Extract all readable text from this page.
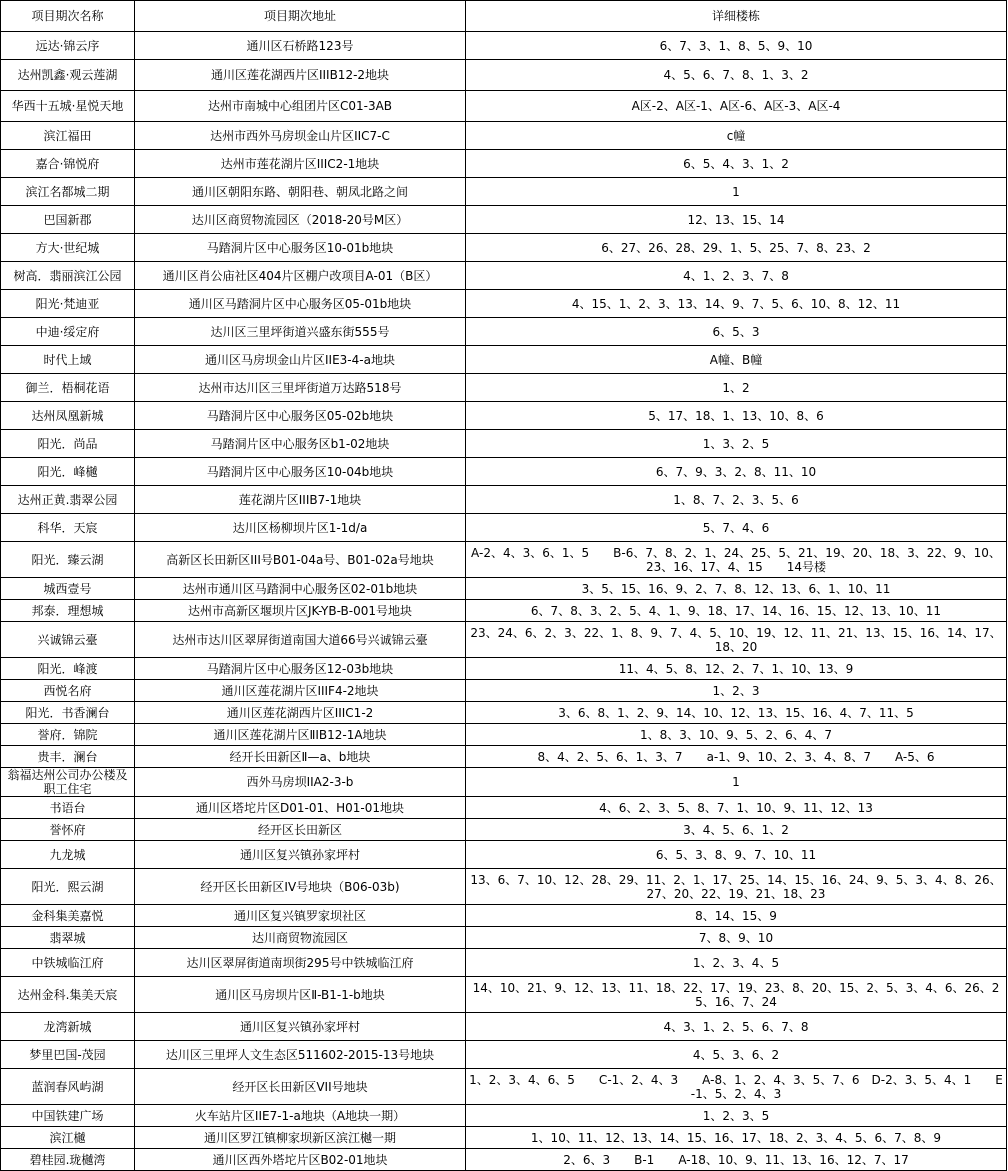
项目期次名称	项目期次地址	详细楼栋
远达·锦云序	通川区石桥路123号	6、7、3、1、8、5、9、10
达州凯鑫·观云莲湖	通川区莲花湖西片区IIIB12-2地块	4、5、6、7、8、1、3、2
华西十五城·星悦天地	达州市南城中心组团片区C01-3AB	A区-2、A区-1、A区-6、A区-3、A区-4
滨江福田	达州市西外马房坝金山片区IIC7-C	c幢
嘉合·锦悦府	达州市莲花湖片区IIIC2-1地块	6、5、4、3、1、2
滨江名都城二期	通川区朝阳东路、朝阳巷、朝凤北路之间	1
巴国新郡	达川区商贸物流园区（2018-20号M区）	12、13、15、14
方大·世纪城	马踏洞片区中心服务区10-01b地块	6、27、26、28、29、1、5、25、7、8、23、2
树高．翡丽滨江公园	通川区肖公庙社区404片区棚户改项目A-01（B区）	4、1、2、3、7、8
阳光·梵迪亚	通川区马踏洞片区中心服务区05-01b地块	4、15、1、2、3、13、14、9、7、5、6、10、8、12、11
中迪·绥定府	达川区三里坪街道兴盛东街555号	6、5、3
时代上域	通川区马房坝金山片区IIE3-4-a地块	A幢、B幢
御兰．梧桐花语	达州市达川区三里坪街道万达路518号	1、2
达州凤凰新城	马踏洞片区中心服务区05-02b地块	5、17、18、1、13、10、8、6
阳光．尚品	马踏洞片区中心服务区b1-02地块	1、3、2、5
阳光．峰樾	马踏洞片区中心服务区10-04b地块	6、7、9、3、2、8、11、10
达州正黄.翡翠公园	莲花湖片区IIIB7-1地块	1、8、7、2、3、5、6
科华．天宸	达川区杨柳坝片区1-1d/a	5、7、4、6
阳光．臻云湖	高新区长田新区III号B01-04a号、B01-02a号地块	A-2、4、3、6、1、5　　B-6、7、8、2、1、24、25、5、21、19、20、18、3、22、9、10、23、16、17、4、15　　14号楼
城西壹号	达州市通川区马踏洞中心服务区02-01b地块	3、5、15、16、9、2、7、8、12、13、6、1、10、11
邦泰．理想城	达州市高新区堰坝片区JK-YB-B-001号地块	6、7、8、3、2、5、4、1、9、18、17、14、16、15、12、13、10、11
兴诚锦云臺	达州市达川区翠屏街道南国大道66号兴诚锦云臺	23、24、6、2、3、22、1、8、9、7、4、5、10、19、12、11、21、13、15、16、14、17、18、20
阳光．峰渡	马踏洞片区中心服务区12-03b地块	11、4、5、8、12、2、7、1、10、13、9
西悦名府	通川区莲花湖片区IIIF4-2地块	1、2、3
阳光．书香澜台	通川区莲花湖西片区IIIC1-2	3、6、8、1、2、9、14、10、12、13、15、16、4、7、11、5
誉府．锦院	通川区莲花湖片区ⅡIB12-1A地块	1、8、3、10、9、5、2、6、4、7
贵丰．澜台	经开长田新区Ⅱ—a、b地块	8、4、2、5、6、1、3、7　　a-1、9、10、2、3、4、8、7　　A-5、6
翁福达州公司办公楼及职工住宅	西外马房坝IIA2-3-b	1
书语台	通川区塔坨片区D01-01、H01-01地块	4、6、2、3、5、8、7、1、10、9、11、12、13
誉怀府	经开区长田新区	3、4、5、6、1、2
九龙城	通川区复兴镇孙家坪村	6、5、3、8、9、7、10、11
阳光．熙云湖	经开区长田新区IV号地块（B06-03b)	13、6、7、10、12、28、29、11、2、1、17、25、14、15、16、24、9、5、3、4、8、26、27、20、22、19、21、18、23
金科集美嘉悦	通川区复兴镇罗家坝社区	8、14、15、9
翡翠城	达川商贸物流园区	7、8、9、10
中铁城临江府	达川区翠屏街道南坝街295号中铁城临江府	1、2、3、4、5
达州金科.集美天宸	通川区马房坝片区Ⅱ-B1-1-b地块	14、10、21、9、12、13、11、18、22、17、19、23、8、20、15、2、5、3、4、6、26、25、16、7、24
龙湾新城	通川区复兴镇孙家坪村	4、3、1、2、5、6、7、8
梦里巴国-茂园	达川区三里坪人文生态区511602-2015-13号地块	4、5、3、6、2
蓝润春风屿湖	经开区长田新区VII号地块	1、2、3、4、6、5　　C-1、2、4、3　　A-8、1、2、4、3、5、7、6　D-2、3、5、4、1　　E-1、5、2、4、3
中国铁建广场	火车站片区IIE7-1-a地块（A地块一期）	1、2、3、5
滨江樾	通川区罗江镇柳家坝新区滨江樾一期	1、10、11、12、13、14、15、16、17、18、2、3、4、5、6、7、8、9
碧桂园.珑樾湾	通川区西外塔坨片区B02-01地块	2、6、3　　B-1　　A-18、10、9、11、13、16、12、7、17
